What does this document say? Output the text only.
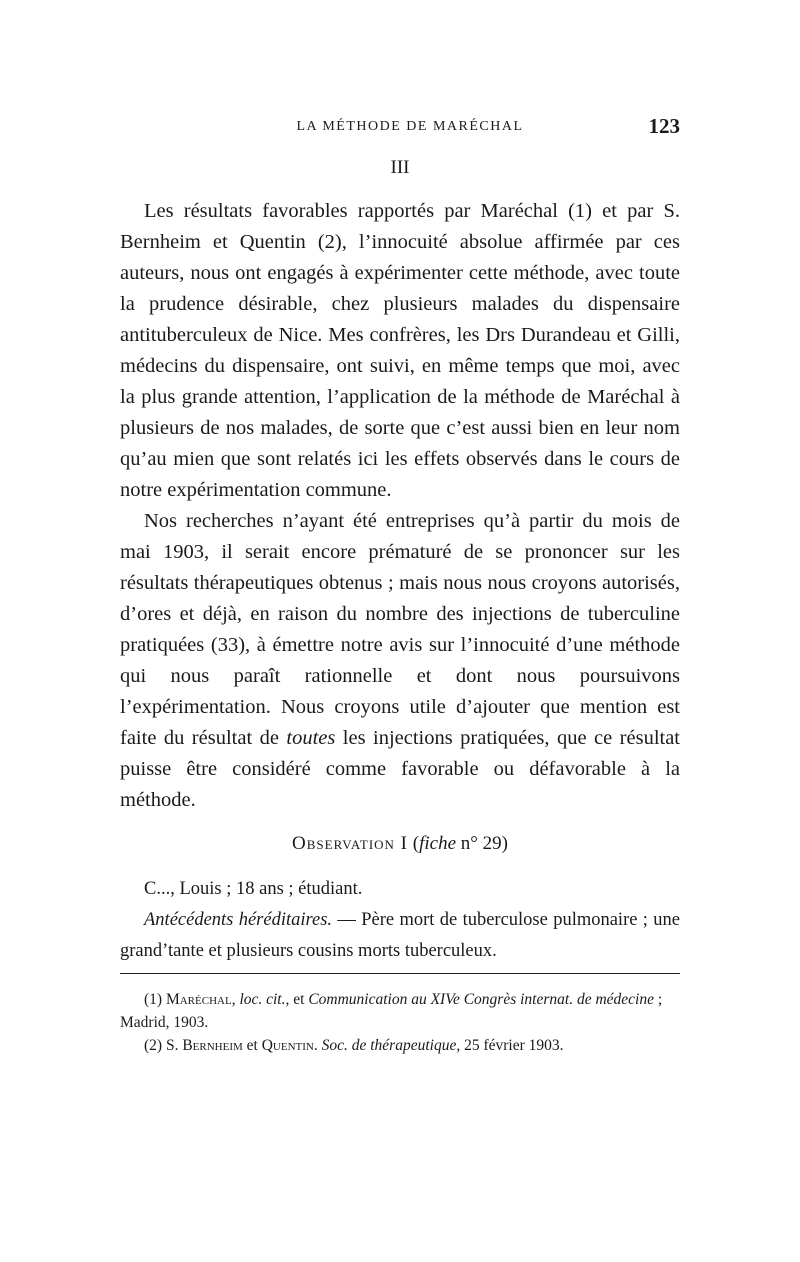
LA MÉTHODE DE MARÉCHAL	123
III

Les résultats favorables rapportés par Maréchal (1) et par S. Bernheim et Quentin (2), l’innocuité absolue affirmée par ces auteurs, nous ont engagés à expérimenter cette méthode, avec toute la prudence désirable, chez plusieurs malades du dispensaire antituberculeux de Nice. Mes confrères, les Drs Durandeau et Gilli, médecins du dispensaire, ont suivi, en même temps que moi, avec la plus grande attention, l’application de la méthode de Maréchal à plusieurs de nos malades, de sorte que c’est aussi bien en leur nom qu’au mien que sont relatés ici les effets observés dans le cours de notre expérimentation commune.

Nos recherches n’ayant été entreprises qu’à partir du mois de mai 1903, il serait encore prématuré de se prononcer sur les résultats thérapeutiques obtenus ; mais nous nous croyons autorisés, d’ores et déjà, en raison du nombre des injections de tuberculine pratiquées (33), à émettre notre avis sur l’innocuité d’une méthode qui nous paraît rationnelle et dont nous poursuivons l’expérimentation. Nous croyons utile d’ajouter que mention est faite du résultat de toutes les injections pratiquées, que ce résultat puisse être considéré comme favorable ou défavorable à la méthode.

Observation I (fiche n° 29)

C..., Louis ; 18 ans ; étudiant.

Antécédents héréditaires. — Père mort de tuberculose pulmonaire ; une grand’tante et plusieurs cousins morts tuberculeux.

(1) Maréchal, loc. cit., et Communication au XIVe Congrès internat. de médecine ; Madrid, 1903.

(2) S. Bernheim et Quentin. Soc. de thérapeutique, 25 février 1903.
